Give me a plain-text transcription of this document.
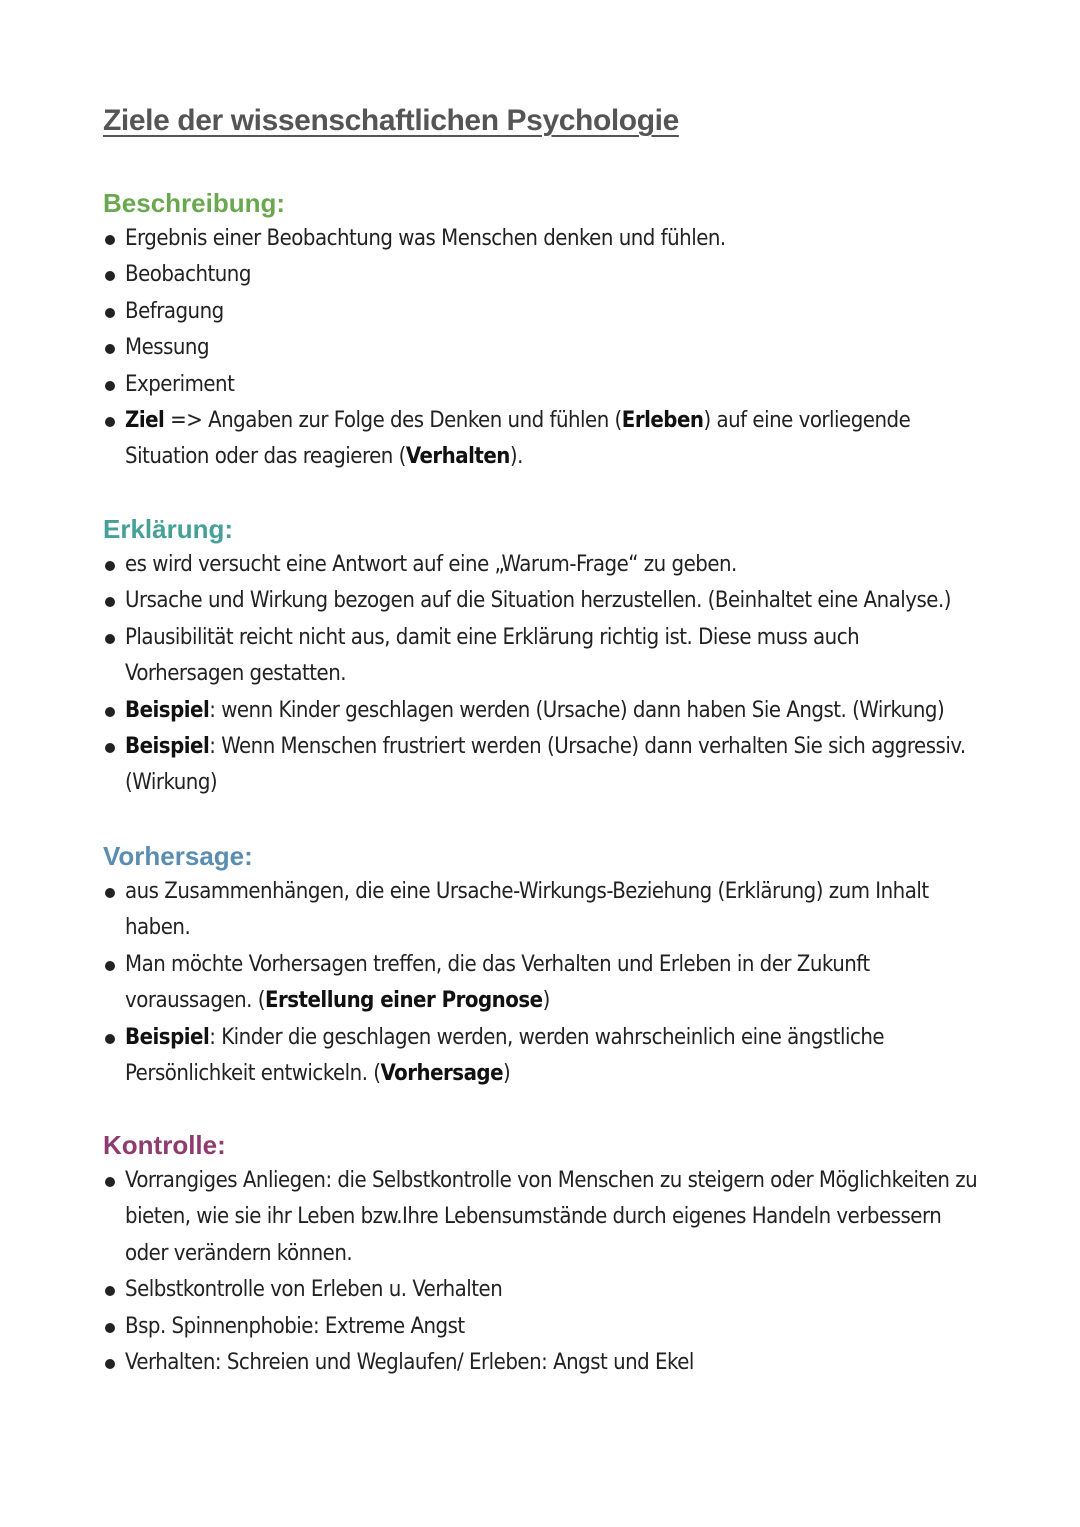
Ziele der wissenschaftlichen Psychologie
Beschreibung:
Ergebnis einer Beobachtung was Menschen denken und fühlen.
Beobachtung
Befragung
Messung
Experiment
Ziel => Angaben zur Folge des Denken und fühlen (Erleben) auf eine vorliegende Situation oder das reagieren (Verhalten).
Erklärung:
es wird versucht eine Antwort auf eine „Warum-Frage“ zu geben.
Ursache und Wirkung bezogen auf die Situation herzustellen. (Beinhaltet eine Analyse.)
Plausibilität reicht nicht aus, damit eine Erklärung richtig ist. Diese muss auch Vorhersagen gestatten.
Beispiel: wenn Kinder geschlagen werden (Ursache) dann haben Sie Angst. (Wirkung)
Beispiel: Wenn Menschen frustriert werden (Ursache) dann verhalten Sie sich aggressiv. (Wirkung)
Vorhersage:
aus Zusammenhängen, die eine Ursache-Wirkungs-Beziehung (Erklärung) zum Inhalt haben.
Man möchte Vorhersagen treffen, die das Verhalten und Erleben in der Zukunft voraussagen. (Erstellung einer Prognose)
Beispiel: Kinder die geschlagen werden, werden wahrscheinlich eine ängstliche Persönlichkeit entwickeln. (Vorhersage)
Kontrolle:
Vorrangiges Anliegen: die Selbstkontrolle von Menschen zu steigern oder Möglichkeiten zu bieten, wie sie ihr Leben bzw.Ihre Lebensumstände durch eigenes Handeln verbessern oder verändern können.
Selbstkontrolle von Erleben u. Verhalten
Bsp. Spinnenphobie: Extreme Angst
Verhalten: Schreien und Weglaufen/ Erleben: Angst und Ekel
